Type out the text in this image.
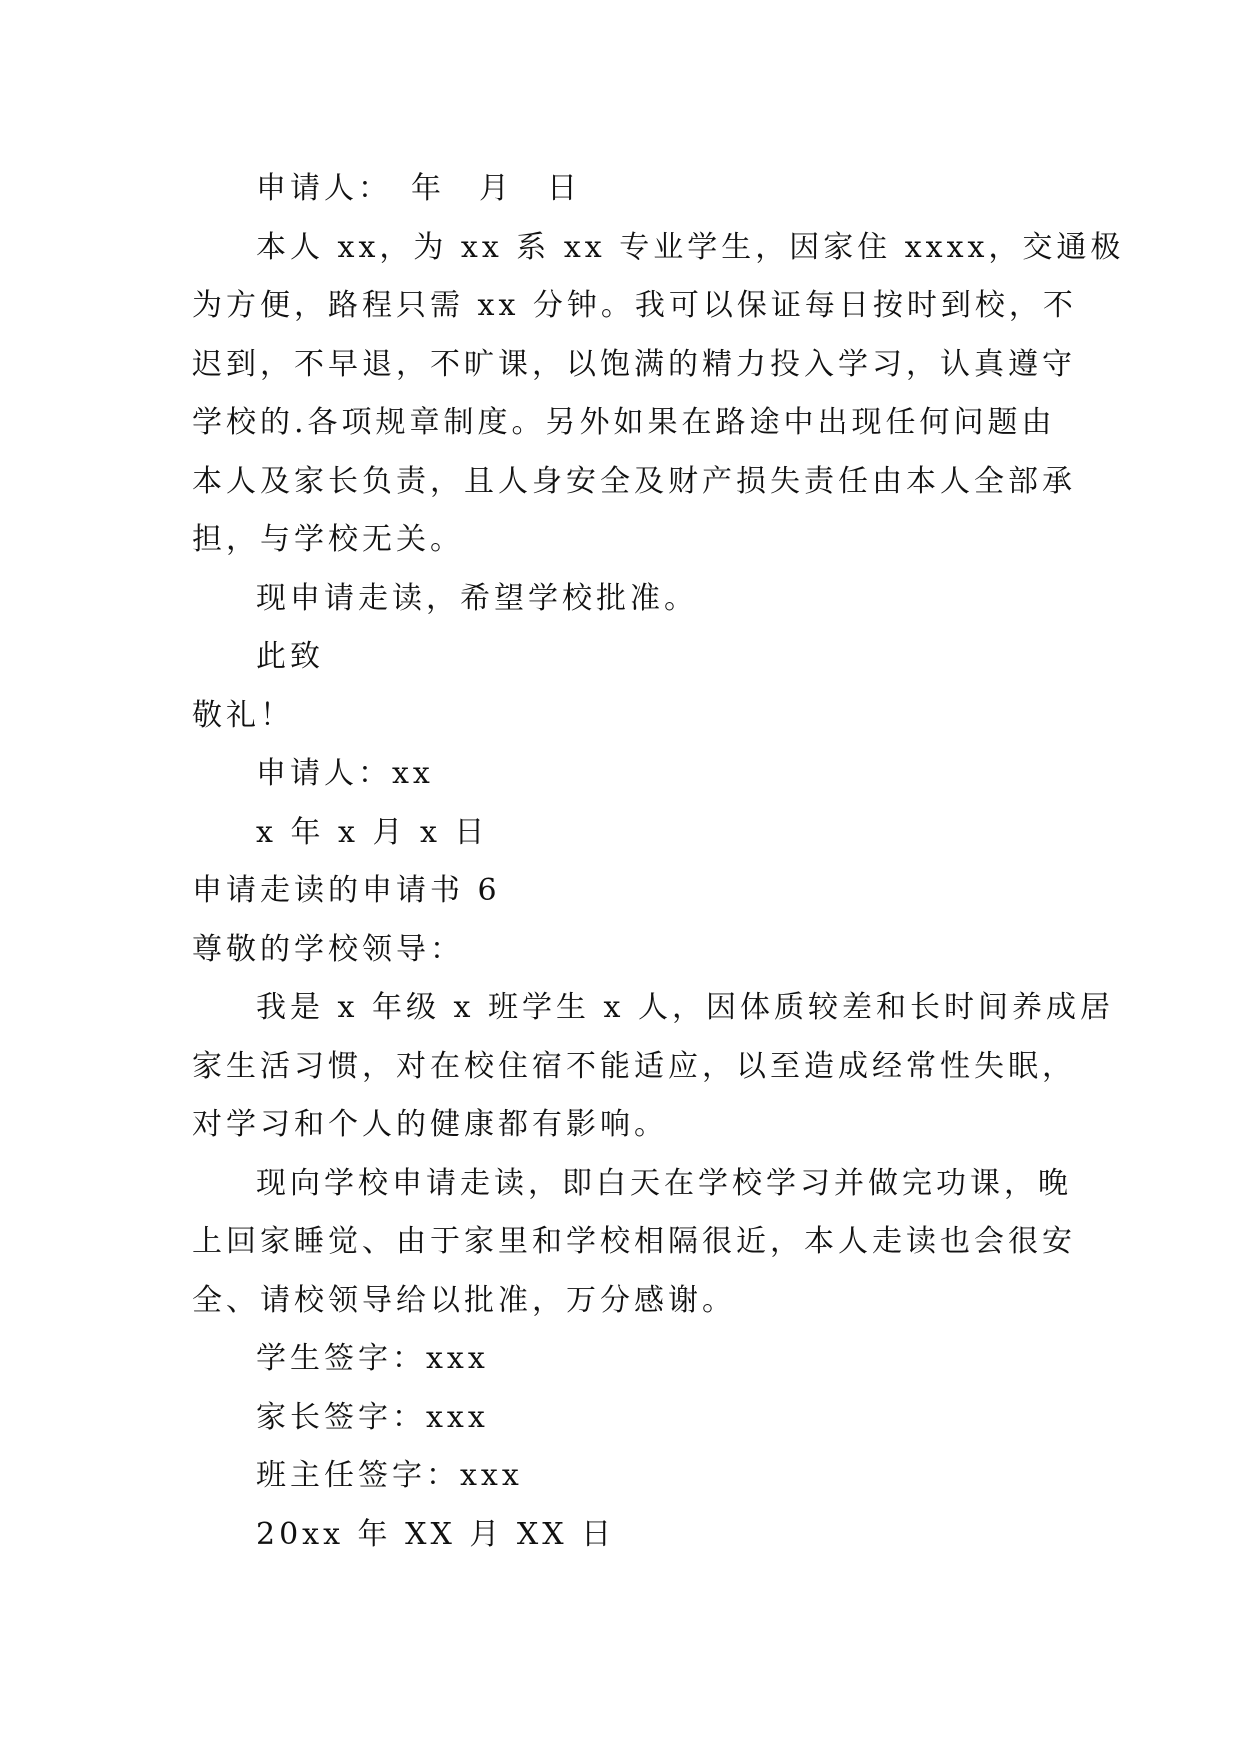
申请人：　年　月　日

本人 xx，为 xx 系 xx 专业学生，因家住 xxxx，交通极

为方便，路程只需 xx 分钟。我可以保证每日按时到校，不

迟到，不早退，不旷课，以饱满的精力投入学习，认真遵守

学校的.各项规章制度。另外如果在路途中出现任何问题由

本人及家长负责，且人身安全及财产损失责任由本人全部承

担，与学校无关。

现申请走读，希望学校批准。

此致

敬礼！

申请人：xx

x 年 x 月 x 日

申请走读的申请书 6

尊敬的学校领导：

我是 x 年级 x 班学生 x 人，因体质较差和长时间养成居

家生活习惯，对在校住宿不能适应，以至造成经常性失眠，

对学习和个人的健康都有影响。

现向学校申请走读，即白天在学校学习并做完功课，晚

上回家睡觉、由于家里和学校相隔很近，本人走读也会很安

全、请校领导给以批准，万分感谢。

学生签字：xxx

家长签字：xxx

班主任签字：xxx

20xx 年 XX 月 XX 日
